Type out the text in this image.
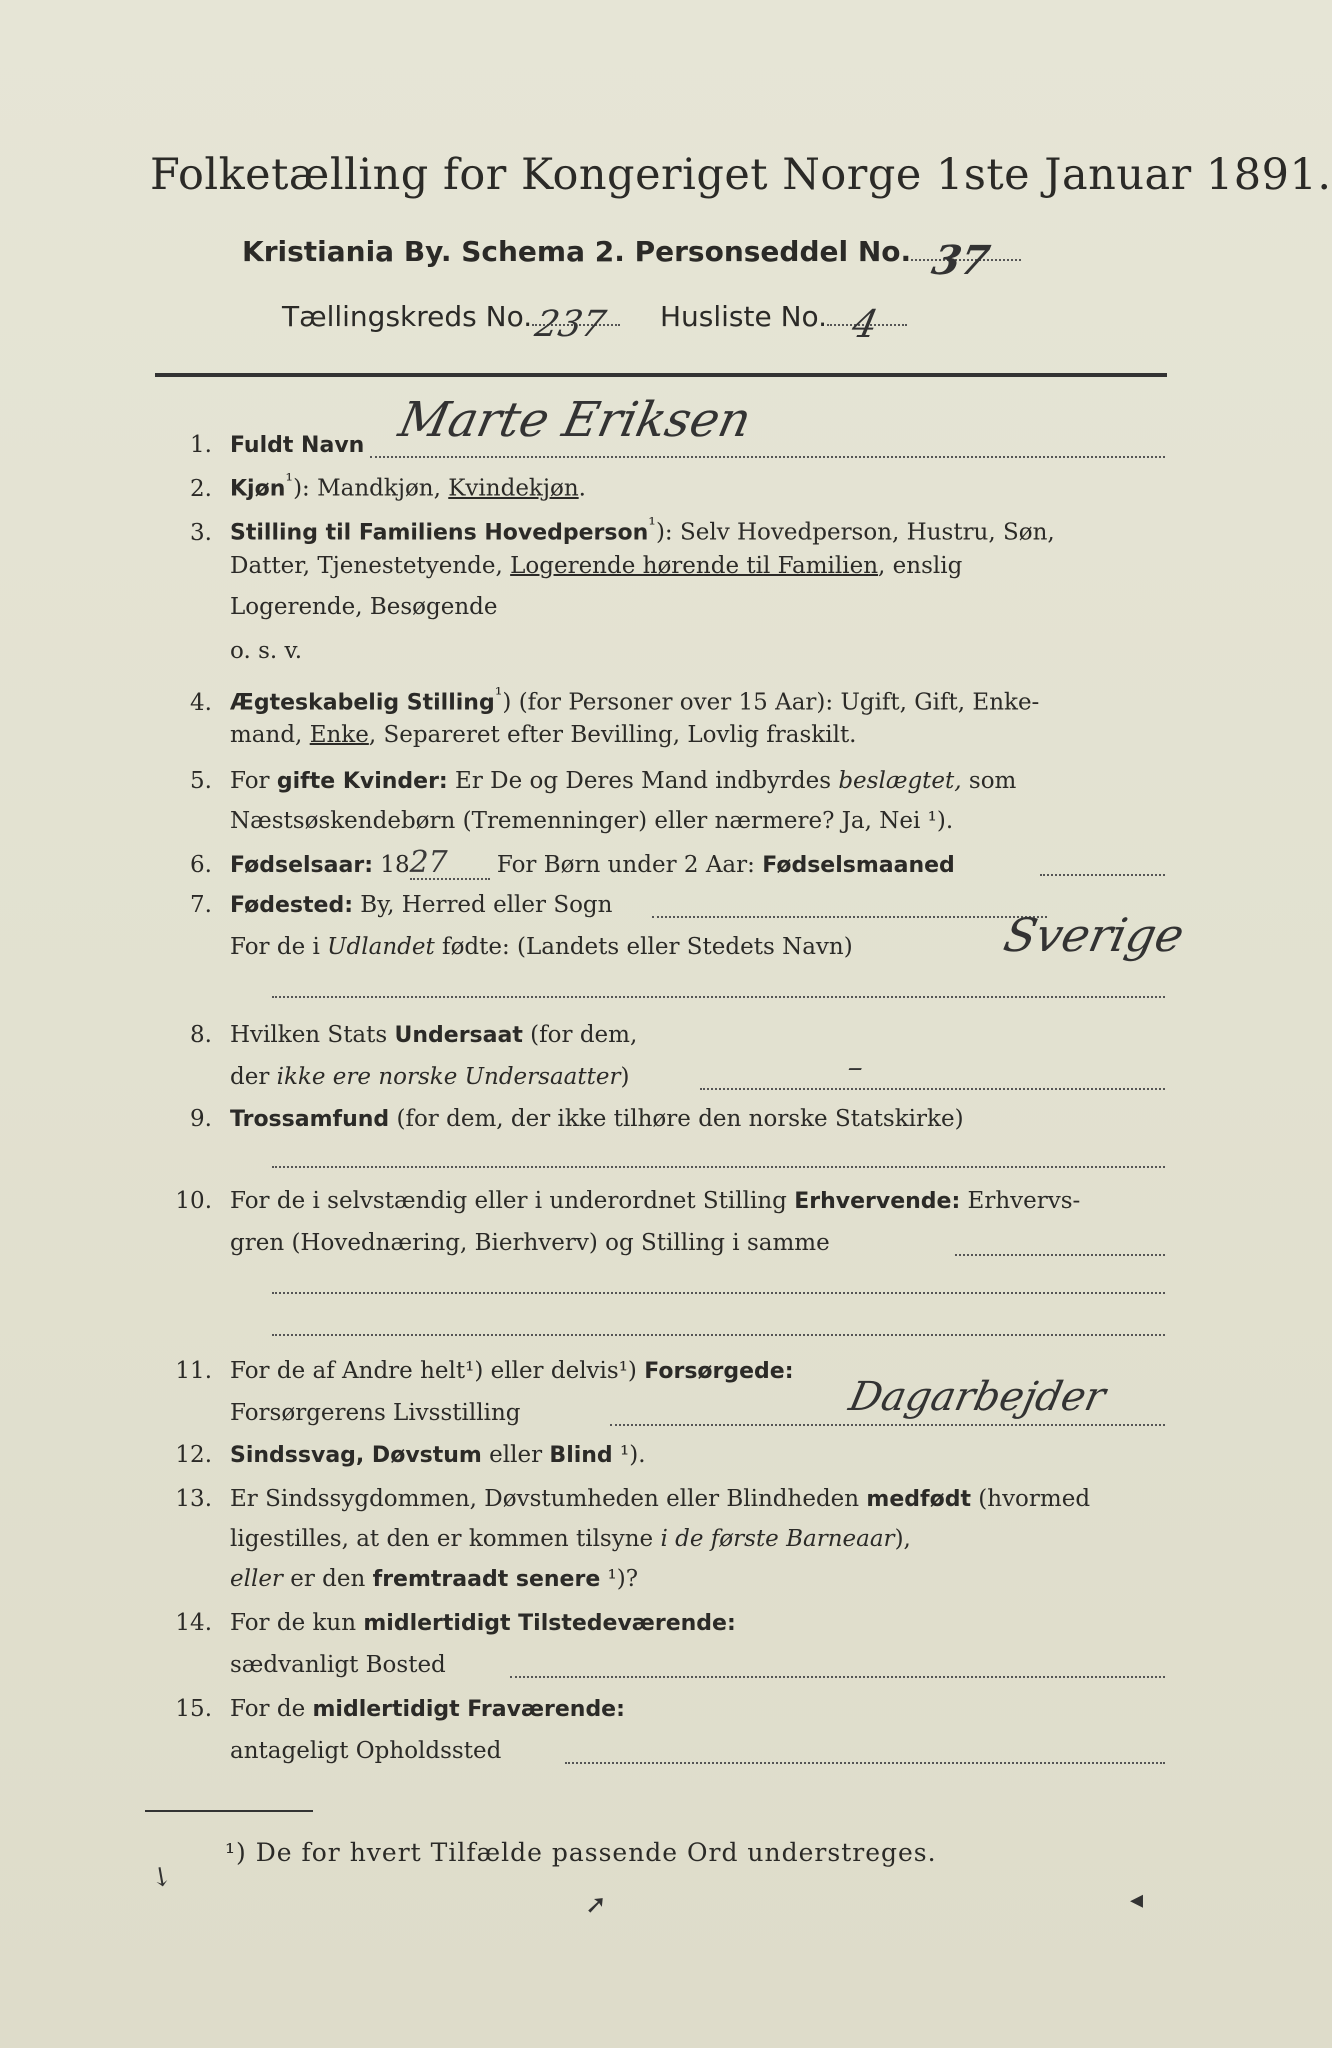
Folketælling for Kongeriget Norge 1ste Januar 1891.
Kristiania By. Schema 2. Personseddel No. 37
Tællingskreds No. 237 Husliste No. 4
1. Fuldt Navn Marte Eriksen
2. Kjøn$^{^1}$): Mandkjøn, Kvindekjøn.
3. Stilling til Familiens Hovedperson$^{^1}$): Selv Hovedperson, Hustru, Søn,
Datter, Tjenestetyende, Logerende hørende til Familien, enslig
Logerende, Besøgende
o. s. v.
4. Ægteskabelig Stilling$^{^1}$) (for Personer over 15 Aar): Ugift, Gift, Enke-
mand, Enke, Separeret efter Bevilling, Lovlig fraskilt.
5. For gifte Kvinder: Er De og Deres Mand indbyrdes beslægtet, som
Næstsøskendebørn (Tremenninger) eller nærmere? Ja, Nei ¹).
6. Fødselsaar: 1827 For Børn under 2 Aar: Fødselsmaaned
7. Fødested: By, Herred eller Sogn
For de i Udlandet fødte: (Landets eller Stedets Navn)	Sverige
8. Hvilken Stats Undersaat (for dem,
der ikke ere norske Undersaatter)	–
9. Trossamfund (for dem, der ikke tilhøre den norske Statskirke)
10. For de i selvstændig eller i underordnet Stilling Erhvervende: Erhvervs-
gren (Hovednæring, Bierhverv) og Stilling i samme
11. For de af Andre helt¹) eller delvis¹) Forsørgede:
Forsørgerens Livsstilling	Dagarbejder
12. Sindssvag, Døvstum eller Blind ¹).
13. Er Sindssygdommen, Døvstumheden eller Blindheden medfødt (hvormed
ligestilles, at den er kommen tilsyne i de første Barneaar),
eller er den fremtraadt senere ¹)?
14. For de kun midlertidigt Tilstedeværende:
sædvanligt Bosted
15. For de midlertidigt Fraværende:
antageligt Opholdssted
¹) De for hvert Tilfælde passende Ord understreges.
↘
➚	◂
